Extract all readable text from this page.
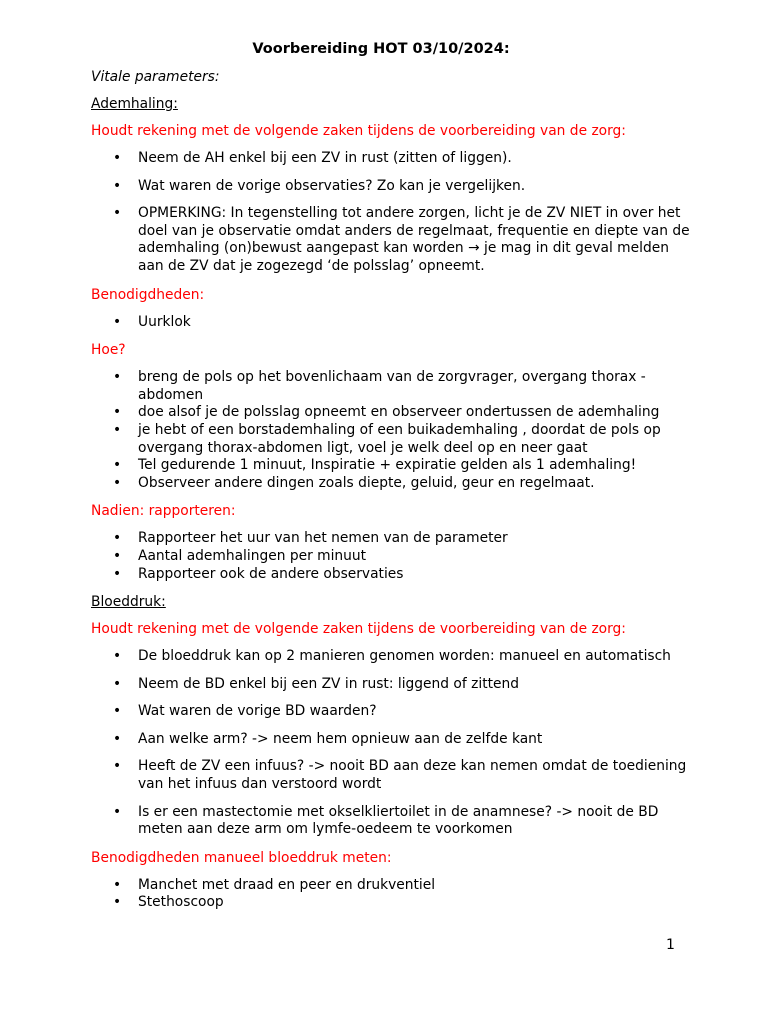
Voorbereiding HOT 03/10/2024:
Vitale parameters:
Ademhaling:
Houdt rekening met de volgende zaken tijdens de voorbereiding van de zorg:
• Neem de AH enkel bij een ZV in rust (zitten of liggen).
• Wat waren de vorige observaties? Zo kan je vergelijken.
• OPMERKING: In tegenstelling tot andere zorgen, licht je de ZV NIET in over het doel van je observatie omdat anders de regelmaat, frequentie en diepte van de ademhaling (on)bewust aangepast kan worden → je mag in dit geval melden aan de ZV dat je zogezegd ‘de polsslag’ opneemt.
Benodigdheden:
• Uurklok
Hoe?
• breng de pols op het bovenlichaam van de zorgvrager, overgang thorax - abdomen
• doe alsof je de polsslag opneemt en observeer ondertussen de ademhaling
• je hebt of een borstademhaling of een buikademhaling , doordat de pols op overgang thorax-abdomen ligt, voel je welk deel op en neer gaat
• Tel gedurende 1 minuut, Inspiratie + expiratie gelden als 1 ademhaling!
• Observeer andere dingen zoals diepte, geluid, geur en regelmaat.
Nadien: rapporteren:
• Rapporteer het uur van het nemen van de parameter
• Aantal ademhalingen per minuut
• Rapporteer ook de andere observaties
Bloeddruk:
Houdt rekening met de volgende zaken tijdens de voorbereiding van de zorg:
• De bloeddruk kan op 2 manieren genomen worden: manueel en automatisch
• Neem de BD enkel bij een ZV in rust: liggend of zittend
• Wat waren de vorige BD waarden?
• Aan welke arm? -> neem hem opnieuw aan de zelfde kant
• Heeft de ZV een infuus? -> nooit BD aan deze kan nemen omdat de toediening van het infuus dan verstoord wordt
• Is er een mastectomie met okselkliertoilet in de anamnese? -> nooit de BD meten aan deze arm om lymfe-oedeem te voorkomen
Benodigdheden manueel bloeddruk meten:
• Manchet met draad en peer en drukventiel
• Stethoscoop
1
